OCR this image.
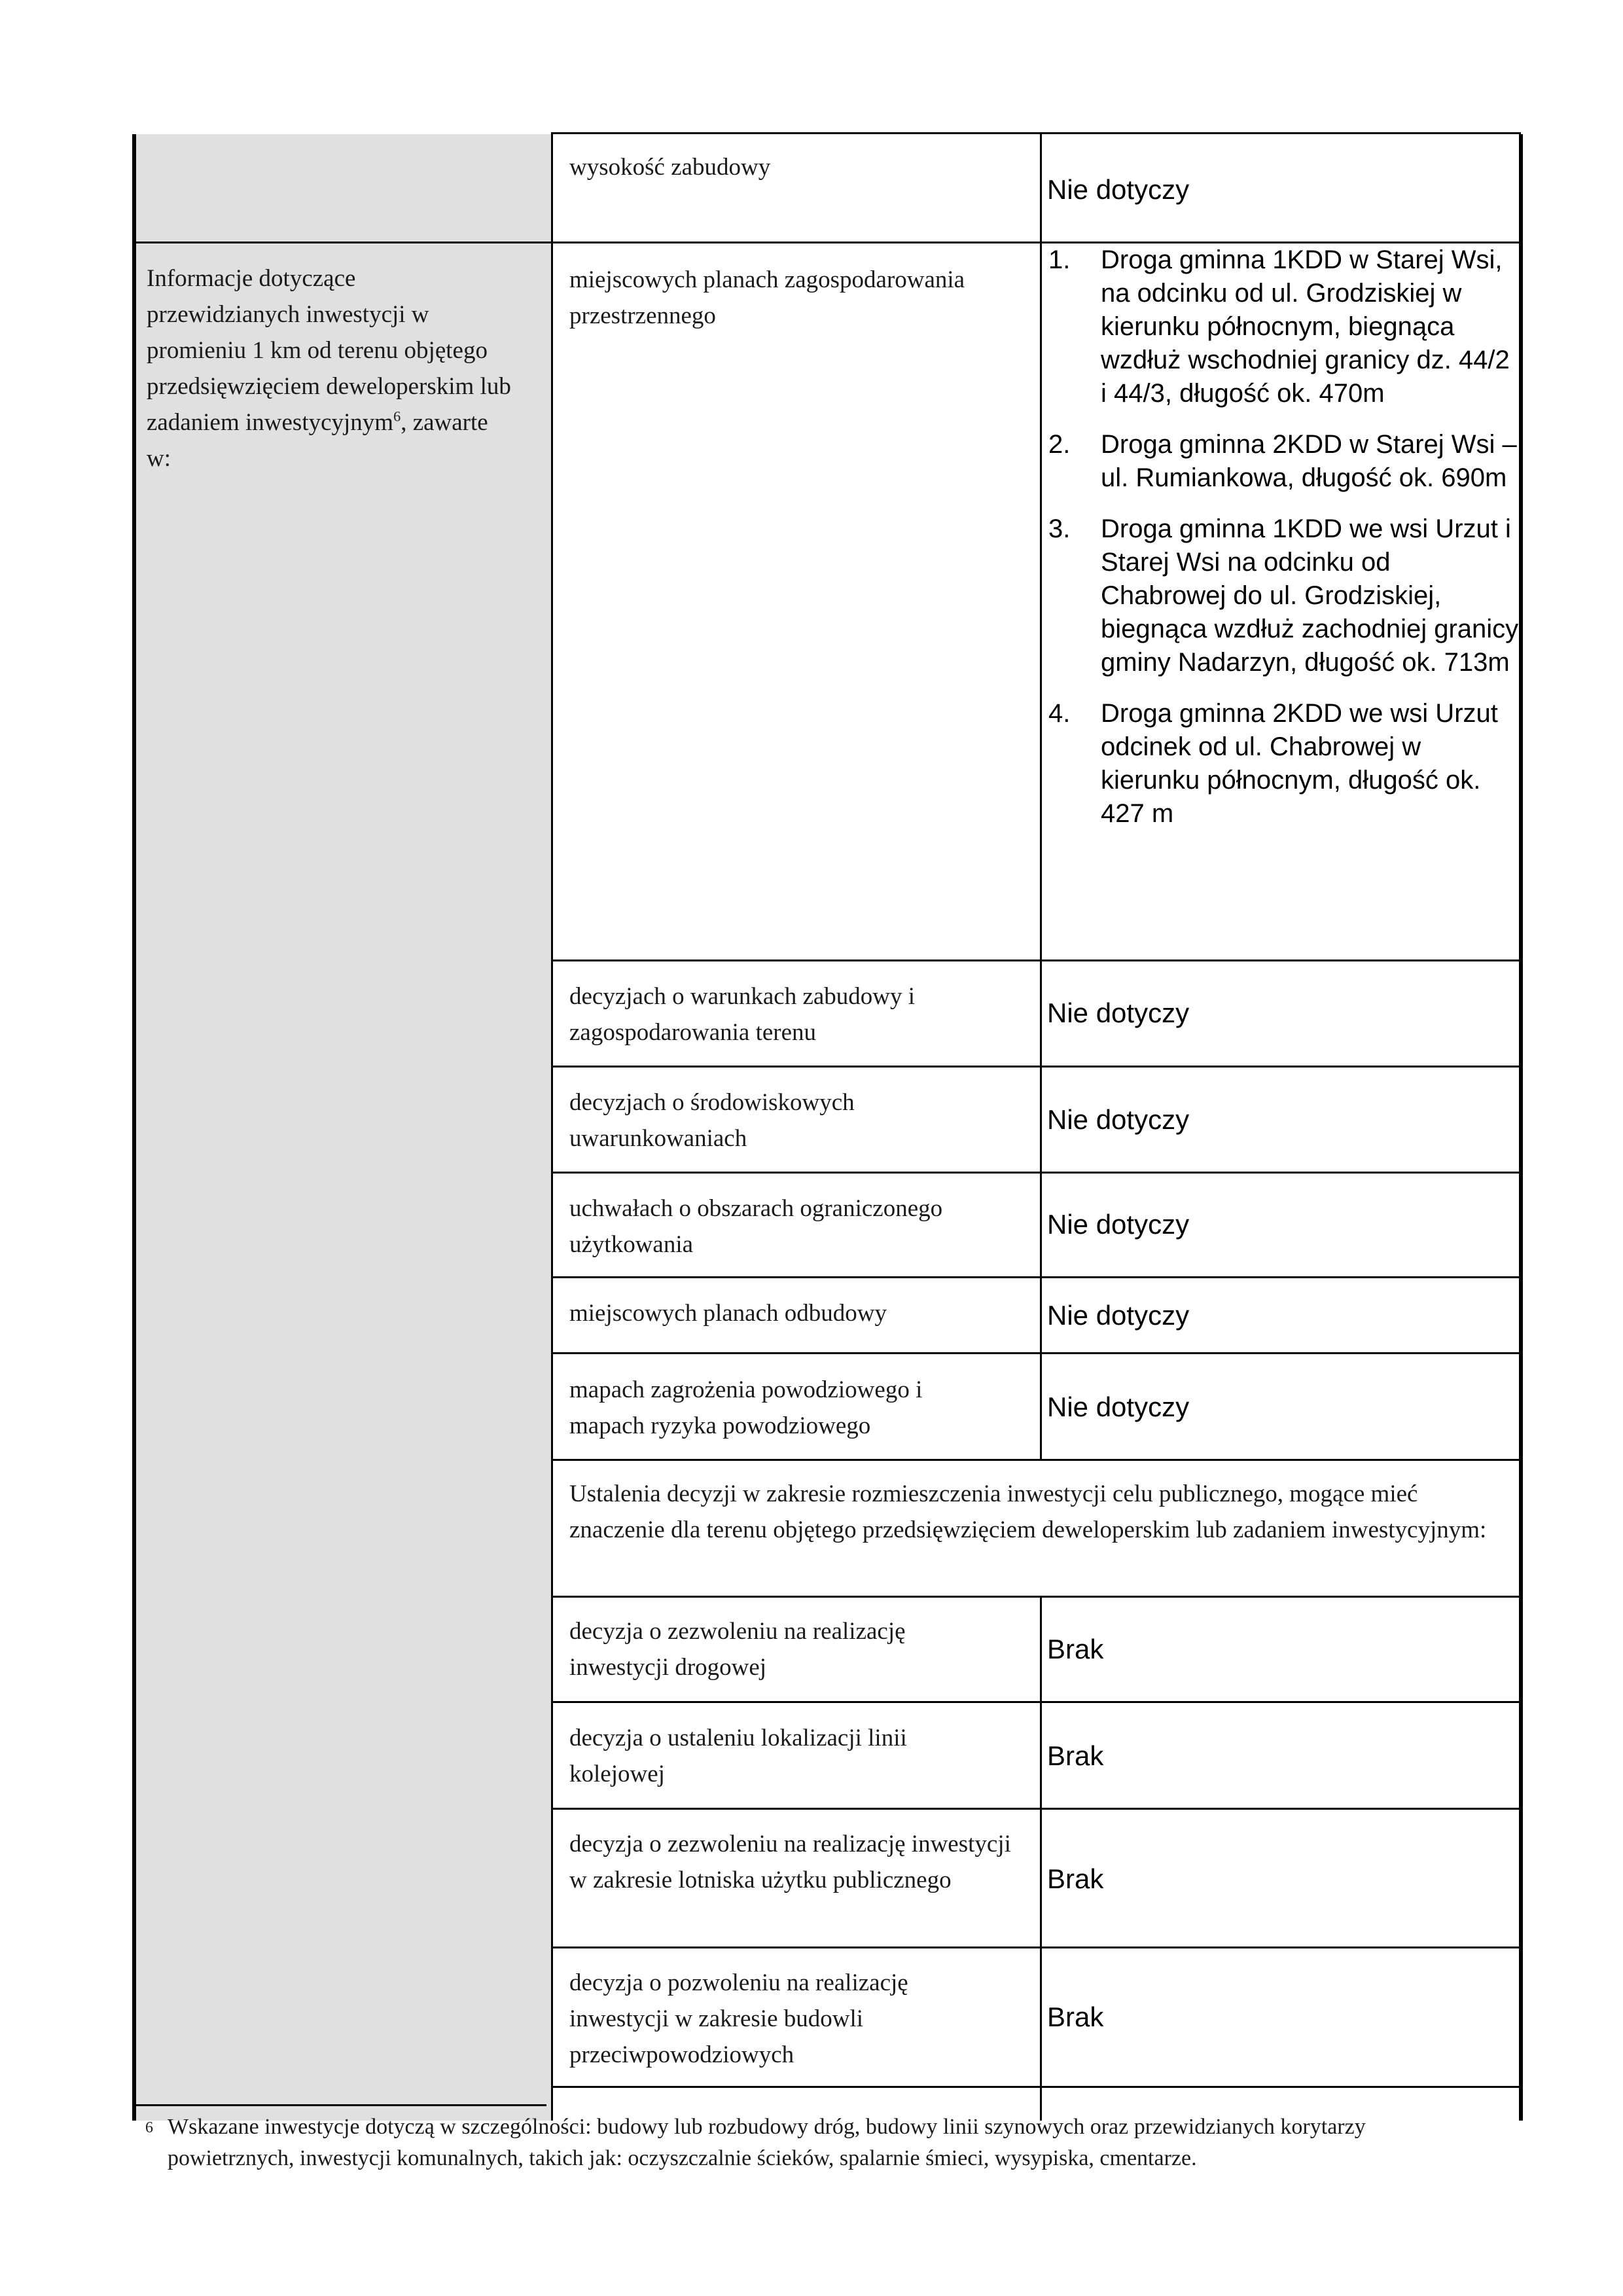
Informacje dotyczące przewidzianych inwestycji w promieniu 1 km od terenu objętego przedsięwzięciem deweloperskim lub zadaniem inwestycyjnym$^6$, zawarte w:
wysokość zabudowy
Nie dotyczy
miejscowych planach zagospodarowania przestrzennego
1. Droga gminna 1KDD w Starej Wsi, na odcinku od ul. Grodziskiej w kierunku północnym, biegnąca wzdłuż wschodniej granicy dz. 44/2 i 44/3, długość ok. 470m
2. Droga gminna 2KDD w Starej Wsi – ul. Rumiankowa, długość ok. 690m
3. Droga gminna 1KDD we wsi Urzut i Starej Wsi na odcinku od Chabrowej do ul. Grodziskiej, biegnąca wzdłuż zachodniej granicy gminy Nadarzyn, długość ok. 713m
4. Droga gminna 2KDD we wsi Urzut odcinek od ul. Chabrowej w kierunku północnym, długość ok. 427 m
decyzjach o warunkach zabudowy i zagospodarowania terenu
Nie dotyczy
decyzjach o środowiskowych uwarunkowaniach
Nie dotyczy
uchwałach o obszarach ograniczonego użytkowania
Nie dotyczy
miejscowych planach odbudowy	Nie dotyczy
mapach zagrożenia powodziowego i mapach ryzyka powodziowego
Nie dotyczy
Ustalenia decyzji w zakresie rozmieszczenia inwestycji celu publicznego, mogące mieć znaczenie dla terenu objętego przedsięwzięciem deweloperskim lub zadaniem inwestycyjnym:
decyzja o zezwoleniu na realizację inwestycji drogowej
Brak
decyzja o ustaleniu lokalizacji linii kolejowej
Brak
decyzja o zezwoleniu na realizację inwestycji w zakresie lotniska użytku publicznego	Brak
decyzja o pozwoleniu na realizację inwestycji w zakresie budowli przeciwpowodziowych
Brak
6 Wskazane inwestycje dotyczą w szczególności: budowy lub rozbudowy dróg, budowy linii szynowych oraz przewidzianych korytarzy powietrznych, inwestycji komunalnych, takich jak: oczyszczalnie ścieków, spalarnie śmieci, wysypiska, cmentarze.
